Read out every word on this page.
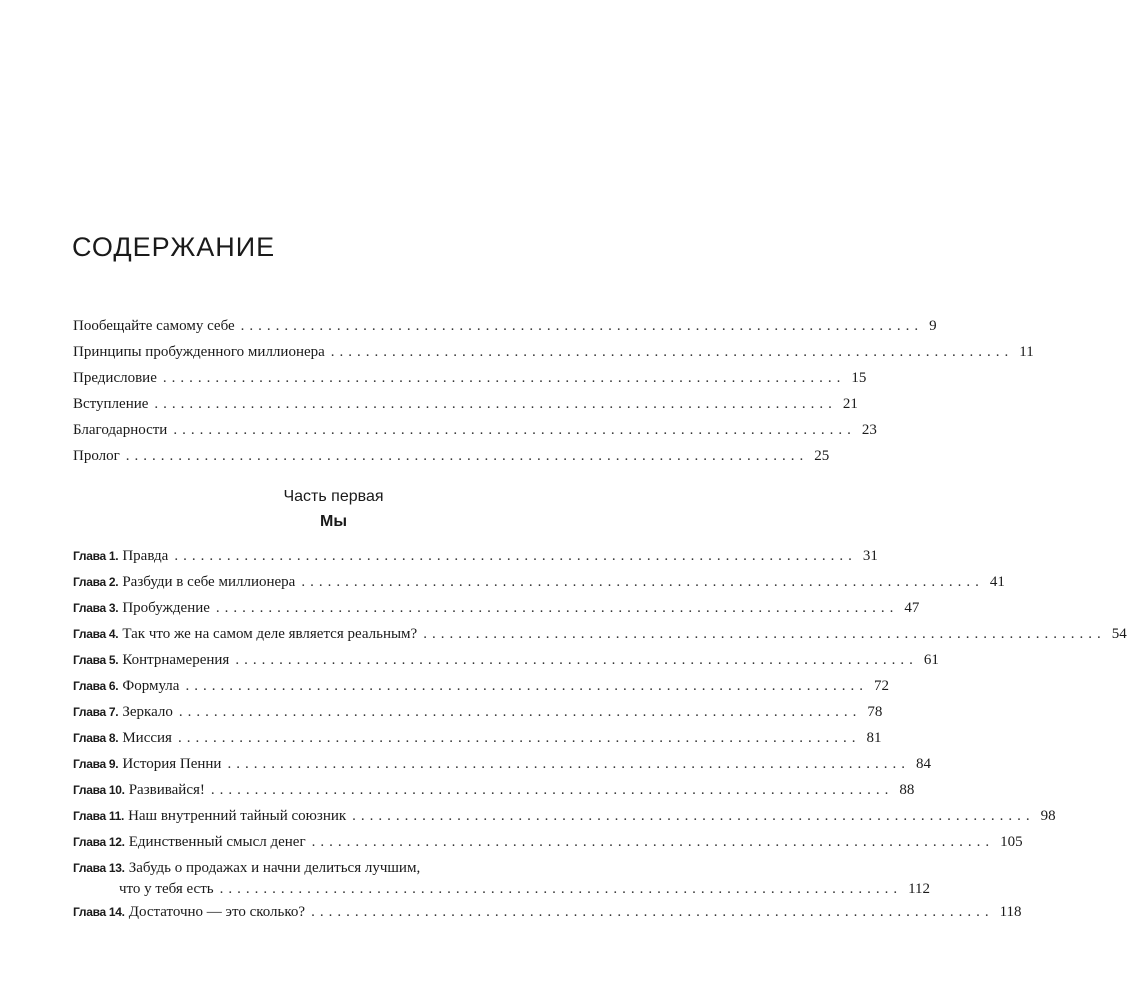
СОДЕРЖАНИЕ
Пообещайте самому себе .............................................................................. 9
Принципы пробужденного миллионера .............................................................................. 11
Предисловие .............................................................................. 15
Вступление .............................................................................. 21
Благодарности .............................................................................. 23
Пролог .............................................................................. 25
Часть первая
Мы
Глава 1. Правда .............................................................................. 31
Глава 2. Разбуди в себе миллионера .............................................................................. 41
Глава 3. Пробуждение .............................................................................. 47
Глава 4. Так что же на самом деле является реальным? .............................................................................. 54
Глава 5. Контрнамерения .............................................................................. 61
Глава 6. Формула .............................................................................. 72
Глава 7. Зеркало .............................................................................. 78
Глава 8. Миссия .............................................................................. 81
Глава 9. История Пенни .............................................................................. 84
Глава 10. Развивайся! .............................................................................. 88
Глава 11. Наш внутренний тайный союзник .............................................................................. 98
Глава 12. Единственный смысл денег .............................................................................. 105
Глава 13. Забудь о продажах и начни делиться лучшим,
что у тебя есть .............................................................................. 112
Глава 14. Достаточно — это сколько? .............................................................................. 118
